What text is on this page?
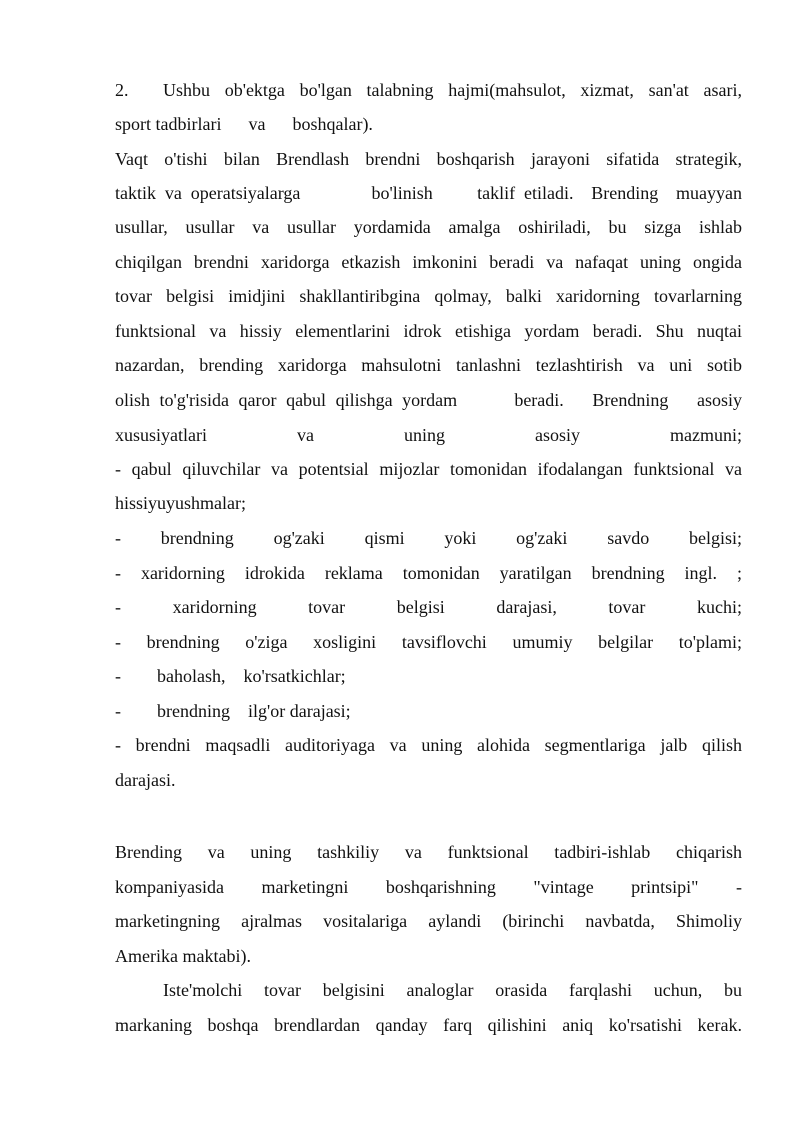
2. Ushbu ob'ektga bo'lgan talabning hajmi(mahsulot, xizmat, san'at asari,
sport tadbirlari      va      boshqalar).
Vaqt o'tishi bilan Brendlash brendni boshqarish jarayoni sifatida strategik,
taktik va operatsiyalarga        bo'linish     taklif etiladi.  Brending  muayyan
usullar, usullar va usullar yordamida amalga oshiriladi, bu sizga ishlab
chiqilgan brendni xaridorga etkazish imkonini beradi va nafaqat uning ongida
tovar belgisi imidjini shakllantiribgina qolmay, balki xaridorning tovarlarning
funktsional va hissiy elementlarini idrok etishiga yordam beradi. Shu nuqtai
nazardan, brending xaridorga mahsulotni tanlashni tezlashtirish va uni sotib
olish to'g'risida qaror qabul qilishga yordam      beradi.   Brendning   asosiy
xususiyatlari va uning asosiy mazmuni;
- qabul qiluvchilar va potentsial mijozlar tomonidan ifodalangan funktsional va
hissiyuyushmalar;
- brendning og'zaki qismi yoki og'zaki savdo belgisi;
- xaridorning idrokida reklama tomonidan yaratilgan brendning ingl. ;
- xaridorning tovar belgisi darajasi, tovar kuchi;
- brendning o'ziga xosligini tavsiflovchi umumiy belgilar to'plami;
-        baholash,    ko'rsatkichlar;
-        brendning    ilg'or darajasi;
- brendni maqsadli auditoriyaga va uning alohida segmentlariga jalb qilish
darajasi.
Brending va uning tashkiliy va funktsional tadbiri-ishlab chiqarish
kompaniyasida marketingni boshqarishning "vintage printsipi" -
marketingning ajralmas vositalariga aylandi (birinchi navbatda, Shimoliy
Amerika maktabi).
Iste'molchi tovar belgisini analoglar orasida farqlashi uchun, bu
markaning boshqa brendlardan qanday farq qilishini aniq ko'rsatishi kerak.
